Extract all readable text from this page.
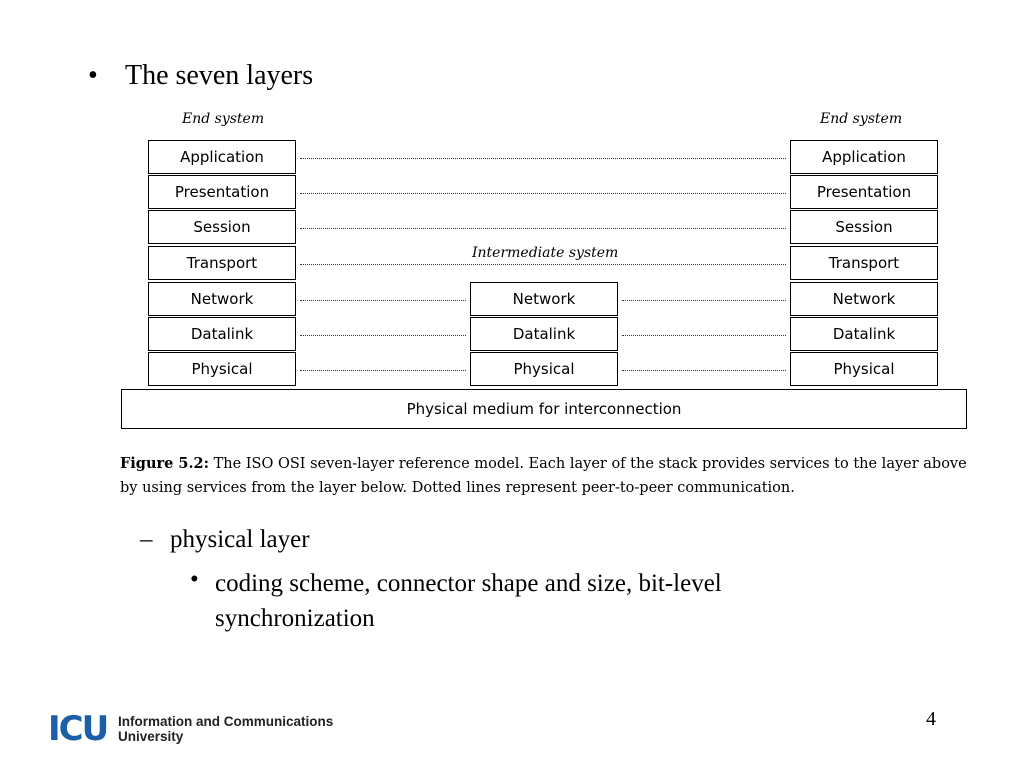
• The seven layers
End system	End system
Intermediate system
Application
Presentation
Session
Transport
Network
Datalink
Physical
Application
Presentation
Session
Transport
Network
Datalink
Physical
Network
Datalink
Physical
Physical medium for interconnection
Figure 5.2: The ISO OSI seven-layer reference model. Each layer of the stack provides services to the layer above by using services from the layer below. Dotted lines represent peer-to-peer communication.
– physical layer
• coding scheme, connector shape and size, bit-level synchronization
ICU Information and Communications
University
4
